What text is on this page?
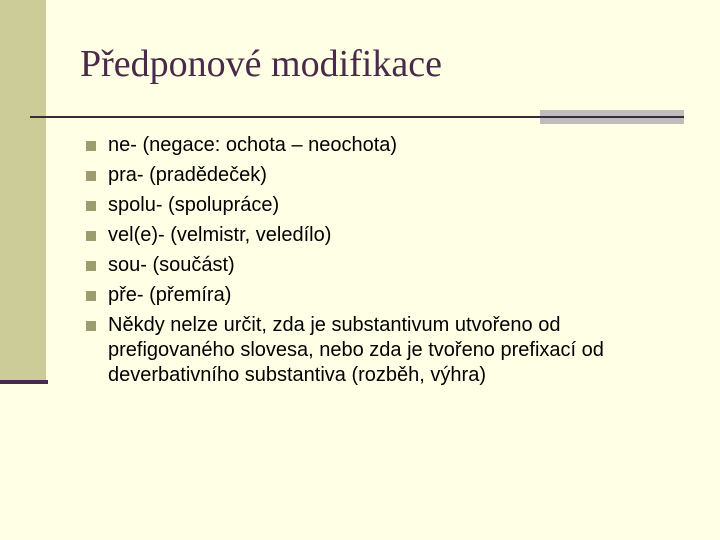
Předponové modifikace
ne- (negace: ochota – neochota)
pra- (pradědeček)
spolu- (spolupráce)
vel(e)- (velmistr, veledílo)
sou- (součást)
pře- (přemíra)
Někdy nelze určit, zda je substantivum utvořeno od prefigovaného slovesa, nebo zda je tvořeno prefixací od deverbativního substantiva (rozběh, výhra)
